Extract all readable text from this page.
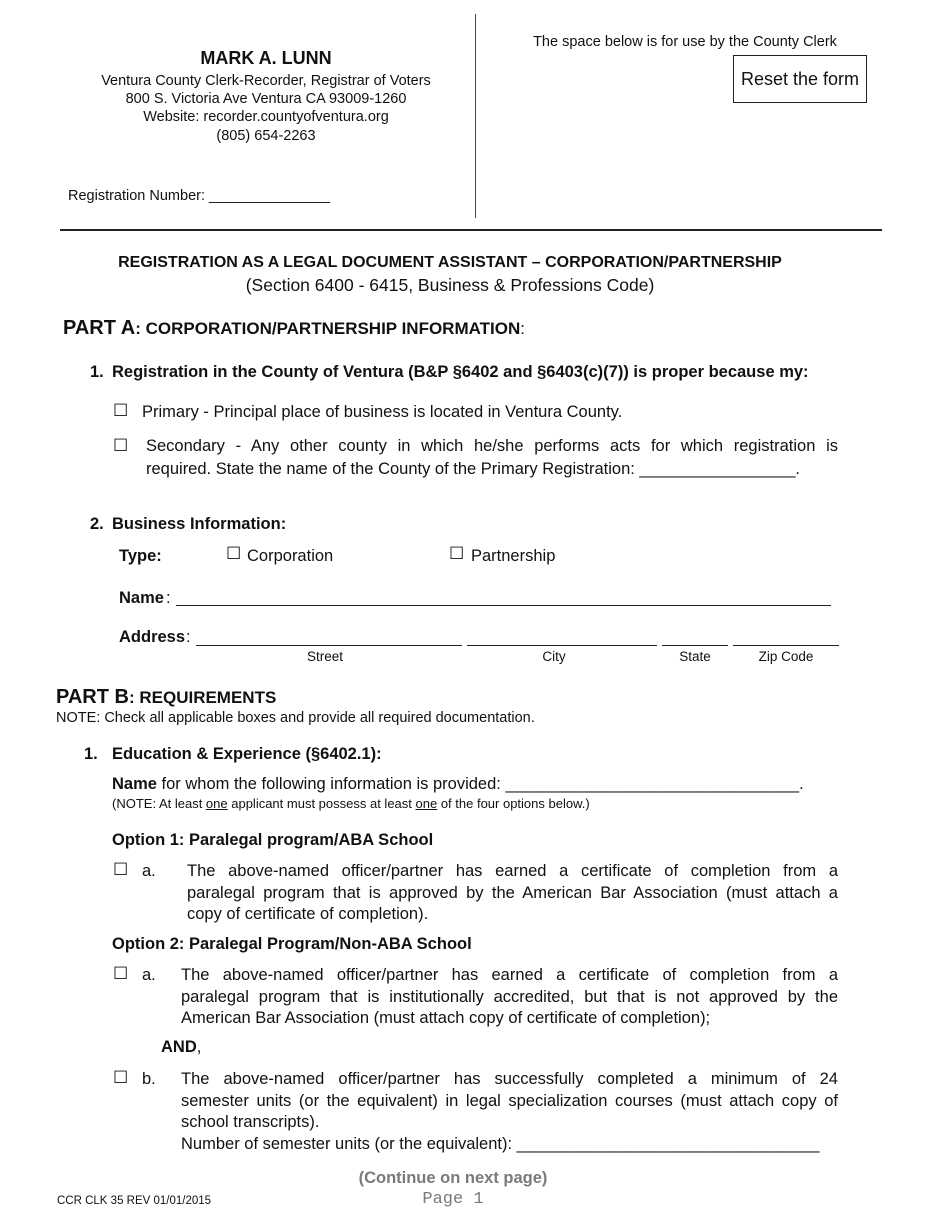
MARK A. LUNN
Ventura County Clerk-Recorder, Registrar of Voters
800 S. Victoria Ave Ventura CA 93009-1260
Website: recorder.countyofventura.org
(805) 654-2263
The space below is for use by the County Clerk
Reset the form
Registration Number: _______________
REGISTRATION AS A LEGAL DOCUMENT ASSISTANT – CORPORATION/PARTNERSHIP
(Section 6400 - 6415, Business & Professions Code)
PART A: CORPORATION/PARTNERSHIP INFORMATION:
1. Registration in the County of Ventura (B&P §6402 and §6403(c)(7)) is proper because my:
☐ Primary - Principal place of business is located in Ventura County.
☐ Secondary - Any other county in which he/she performs acts for which registration is
required. State the name of the County of the Primary Registration: _________________.
2. Business Information:
Type:	☐ Corporation	☐ Partnership
Name :
Address :
Street	City	State	Zip Code
PART B: REQUIREMENTS
NOTE: Check all applicable boxes and provide all required documentation.
1. Education & Experience (§6402.1):
Name for whom the following information is provided: ________________________________.
(NOTE: At least one applicant must possess at least one of the four options below.)
Option 1: Paralegal program/ABA School
☐ a. The above-named officer/partner has earned a certificate of completion from a
paralegal program that is approved by the American Bar Association (must attach a
copy of certificate of completion).
Option 2: Paralegal Program/Non-ABA School
☐ a. The above-named officer/partner has earned a certificate of completion from a
paralegal program that is institutionally accredited, but that is not approved by the
American Bar Association (must attach copy of certificate of completion);
AND,
☐ b. The above-named officer/partner has successfully completed a minimum of 24
semester units (or the equivalent) in legal specialization courses (must attach copy of
school transcripts).
Number of semester units (or the equivalent): _________________________________
(Continue on next page)
Page 1
CCR CLK 35 REV 01/01/2015
